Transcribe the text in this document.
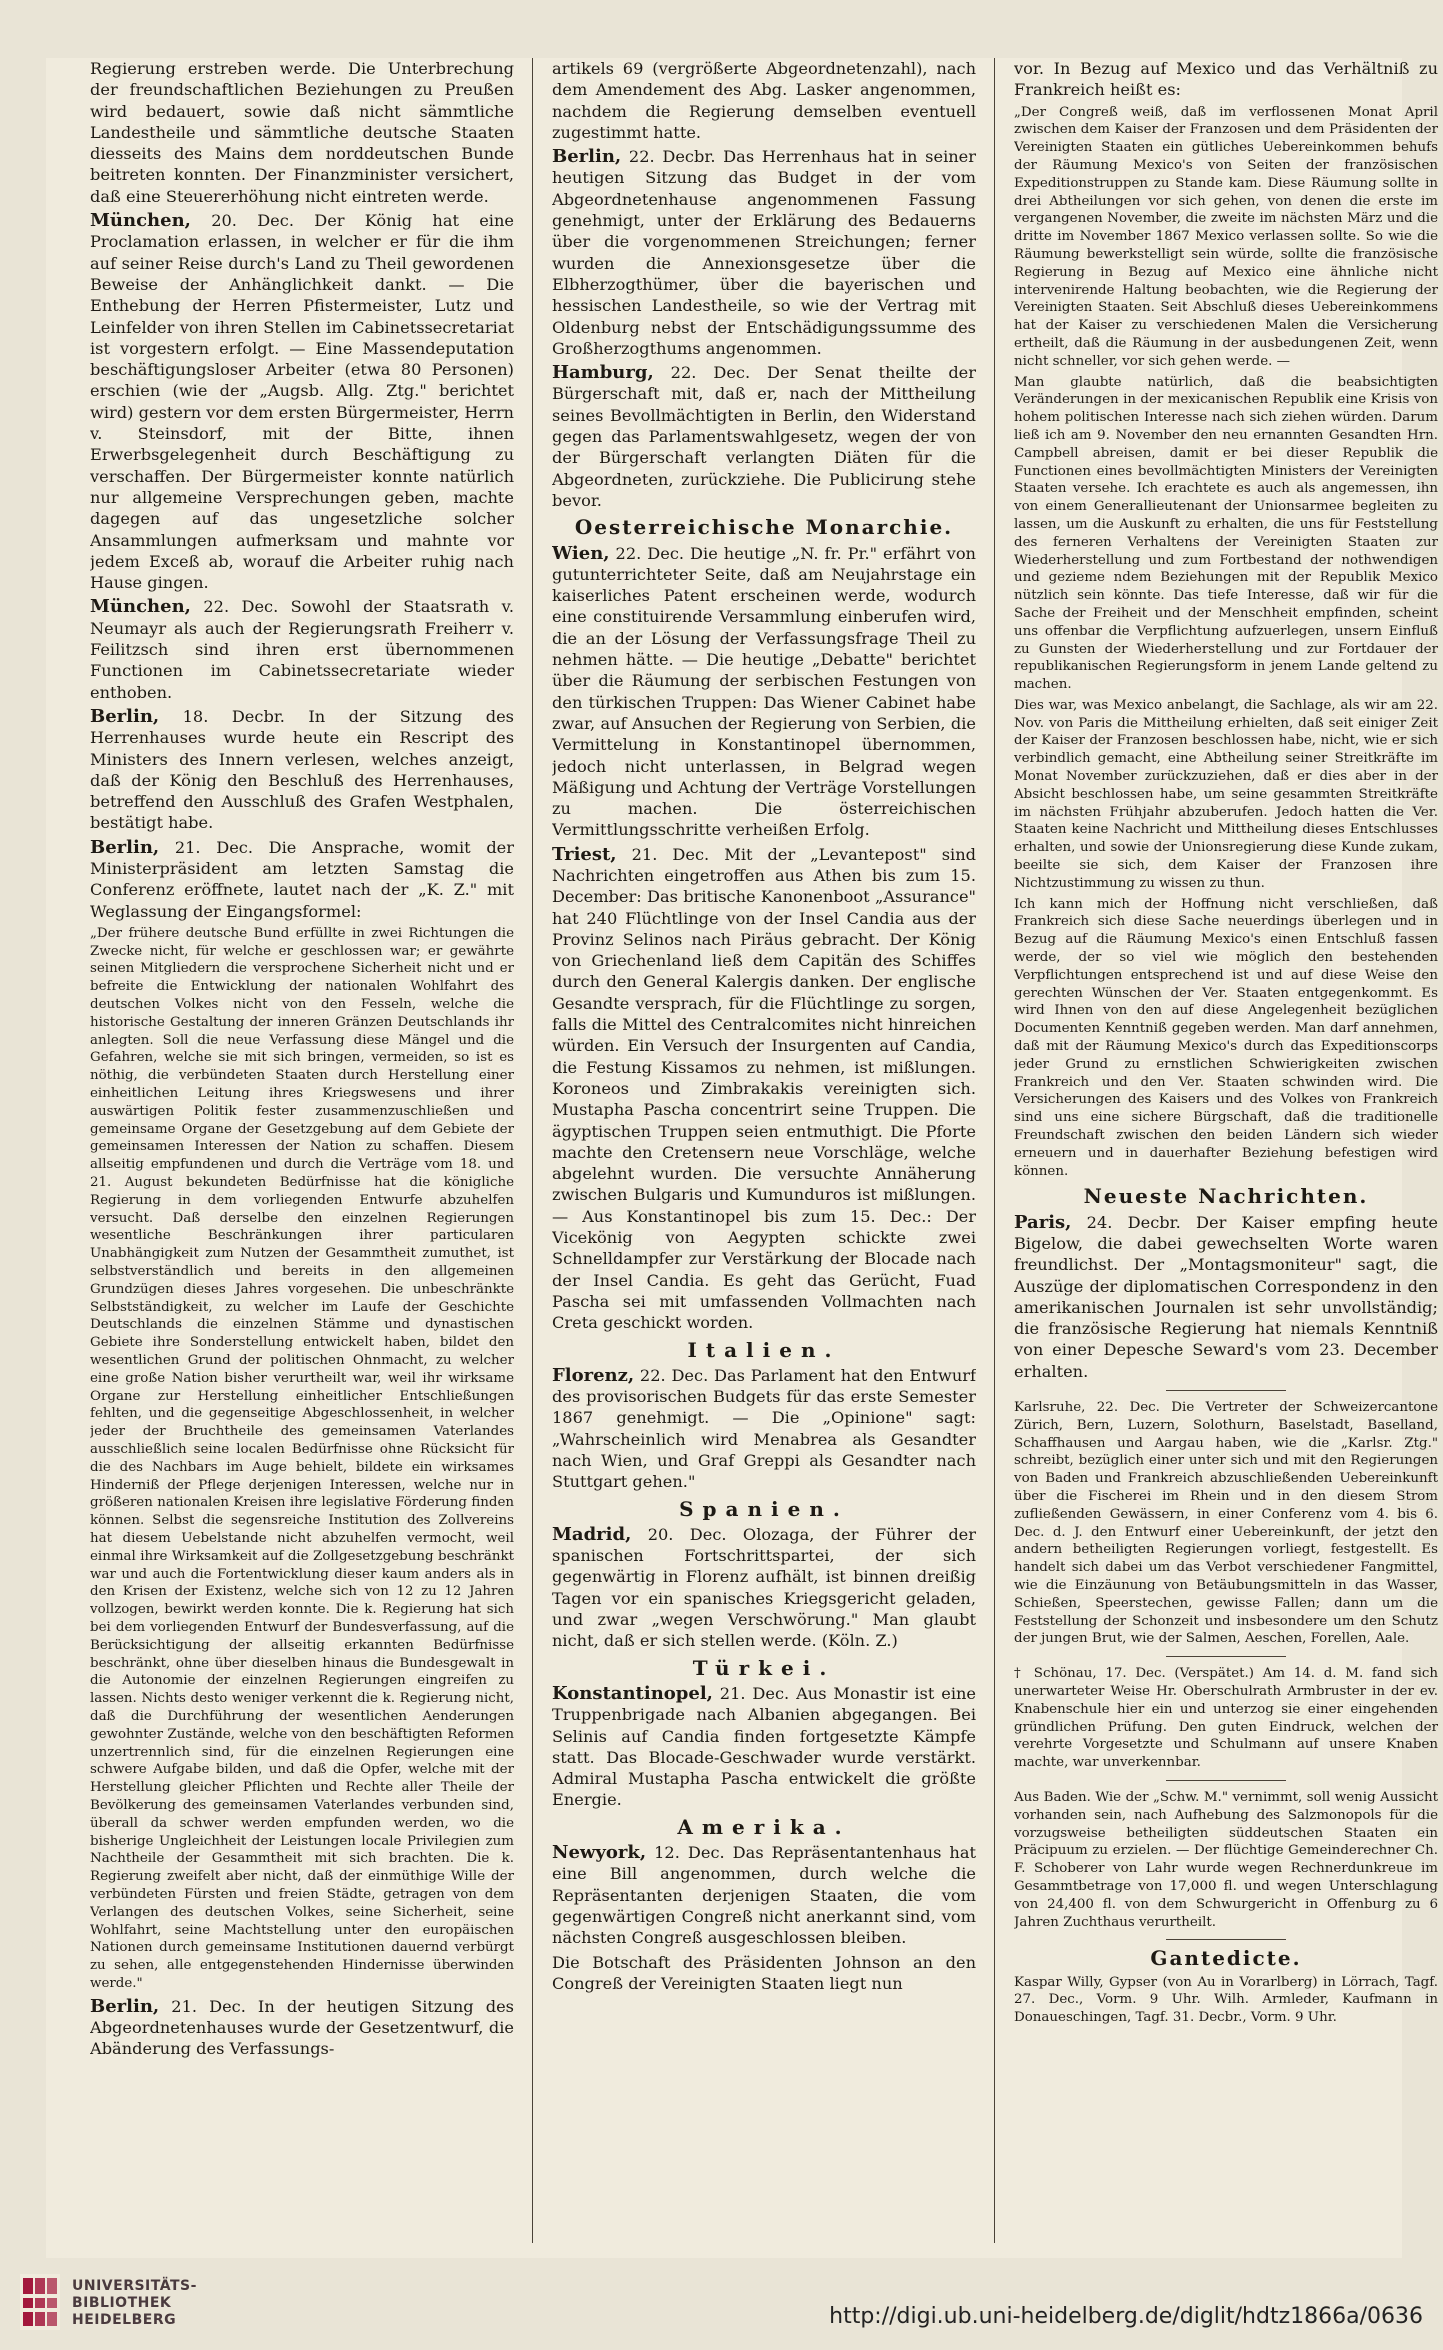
Regierung erstreben werde. Die Unterbrechung der freundschaftlichen Beziehungen zu Preußen wird bedauert, sowie daß nicht sämmtliche Landestheile und sämmtliche deutsche Staaten diesseits des Mains dem norddeutschen Bunde beitreten konnten. Der Finanzminister versichert, daß eine Steuererhöhung nicht eintreten werde.

München, 20. Dec. Der König hat eine Proclamation erlassen, in welcher er für die ihm auf seiner Reise durch's Land zu Theil gewordenen Beweise der Anhänglichkeit dankt. — Die Enthebung der Herren Pfistermeister, Lutz und Leinfelder von ihren Stellen im Cabinetssecretariat ist vorgestern erfolgt. — Eine Massendeputation beschäftigungsloser Arbeiter (etwa 80 Personen) erschien (wie der „Augsb. Allg. Ztg." berichtet wird) gestern vor dem ersten Bürgermeister, Herrn v. Steinsdorf, mit der Bitte, ihnen Erwerbsgelegenheit durch Beschäftigung zu verschaffen. Der Bürgermeister konnte natürlich nur allgemeine Versprechungen geben, machte dagegen auf das ungesetzliche solcher Ansammlungen aufmerksam und mahnte vor jedem Exceß ab, worauf die Arbeiter ruhig nach Hause gingen.

München, 22. Dec. Sowohl der Staatsrath v. Neumayr als auch der Regierungsrath Freiherr v. Feilitzsch sind ihren erst übernommenen Functionen im Cabinetssecretariate wieder enthoben.

Berlin, 18. Decbr. In der Sitzung des Herrenhauses wurde heute ein Rescript des Ministers des Innern verlesen, welches anzeigt, daß der König den Beschluß des Herrenhauses, betreffend den Ausschluß des Grafen Westphalen, bestätigt habe.

Berlin, 21. Dec. Die Ansprache, womit der Ministerpräsident am letzten Samstag die Conferenz eröffnete, lautet nach der „K. Z." mit Weglassung der Eingangsformel:

„Der frühere deutsche Bund erfüllte in zwei Richtungen die Zwecke nicht, für welche er geschlossen war; er gewährte seinen Mitgliedern die versprochene Sicherheit nicht und er befreite die Entwicklung der nationalen Wohlfahrt des deutschen Volkes nicht von den Fesseln, welche die historische Gestaltung der inneren Gränzen Deutschlands ihr anlegten. Soll die neue Verfassung diese Mängel und die Gefahren, welche sie mit sich bringen, vermeiden, so ist es nöthig, die verbündeten Staaten durch Herstellung einer einheitlichen Leitung ihres Kriegswesens und ihrer auswärtigen Politik fester zusammenzuschließen und gemeinsame Organe der Gesetzgebung auf dem Gebiete der gemeinsamen Interessen der Nation zu schaffen. Diesem allseitig empfundenen und durch die Verträge vom 18. und 21. August bekundeten Bedürfnisse hat die königliche Regierung in dem vorliegenden Entwurfe abzuhelfen versucht. Daß derselbe den einzelnen Regierungen wesentliche Beschränkungen ihrer particularen Unabhängigkeit zum Nutzen der Gesammtheit zumuthet, ist selbstverständlich und bereits in den allgemeinen Grundzügen dieses Jahres vorgesehen. Die unbeschränkte Selbstständigkeit, zu welcher im Laufe der Geschichte Deutschlands die einzelnen Stämme und dynastischen Gebiete ihre Sonderstellung entwickelt haben, bildet den wesentlichen Grund der politischen Ohnmacht, zu welcher eine große Nation bisher verurtheilt war, weil ihr wirksame Organe zur Herstellung einheitlicher Entschließungen fehlten, und die gegenseitige Abgeschlossenheit, in welcher jeder der Bruchtheile des gemeinsamen Vaterlandes ausschließlich seine localen Bedürfnisse ohne Rücksicht für die des Nachbars im Auge behielt, bildete ein wirksames Hinderniß der Pflege derjenigen Interessen, welche nur in größeren nationalen Kreisen ihre legislative Förderung finden können. Selbst die segensreiche Institution des Zollvereins hat diesem Uebelstande nicht abzuhelfen vermocht, weil einmal ihre Wirksamkeit auf die Zollgesetzgebung beschränkt war und auch die Fortentwicklung dieser kaum anders als in den Krisen der Existenz, welche sich von 12 zu 12 Jahren vollzogen, bewirkt werden konnte. Die k. Regierung hat sich bei dem vorliegenden Entwurf der Bundesverfassung, auf die Berücksichtigung der allseitig erkannten Bedürfnisse beschränkt, ohne über dieselben hinaus die Bundesgewalt in die Autonomie der einzelnen Regierungen eingreifen zu lassen. Nichts desto weniger verkennt die k. Regierung nicht, daß die Durchführung der wesentlichen Aenderungen gewohnter Zustände, welche von den beschäftigten Reformen unzertrennlich sind, für die einzelnen Regierungen eine schwere Aufgabe bilden, und daß die Opfer, welche mit der Herstellung gleicher Pflichten und Rechte aller Theile der Bevölkerung des gemeinsamen Vaterlandes verbunden sind, überall da schwer werden empfunden werden, wo die bisherige Ungleichheit der Leistungen locale Privilegien zum Nachtheile der Gesammtheit mit sich brachten. Die k. Regierung zweifelt aber nicht, daß der einmüthige Wille der verbündeten Fürsten und freien Städte, getragen von dem Verlangen des deutschen Volkes, seine Sicherheit, seine Wohlfahrt, seine Machtstellung unter den europäischen Nationen durch gemeinsame Institutionen dauernd verbürgt zu sehen, alle entgegenstehenden Hindernisse überwinden werde."

Berlin, 21. Dec. In der heutigen Sitzung des Abgeordnetenhauses wurde der Gesetzentwurf, die Abänderung des Verfassungs-

artikels 69 (vergrößerte Abgeordnetenzahl), nach dem Amendement des Abg. Lasker angenommen, nachdem die Regierung demselben eventuell zugestimmt hatte.

Berlin, 22. Decbr. Das Herrenhaus hat in seiner heutigen Sitzung das Budget in der vom Abgeordnetenhause angenommenen Fassung genehmigt, unter der Erklärung des Bedauerns über die vorgenommenen Streichungen; ferner wurden die Annexionsgesetze über die Elbherzogthümer, über die bayerischen und hessischen Landestheile, so wie der Vertrag mit Oldenburg nebst der Entschädigungssumme des Großherzogthums angenommen.

Hamburg, 22. Dec. Der Senat theilte der Bürgerschaft mit, daß er, nach der Mittheilung seines Bevollmächtigten in Berlin, den Widerstand gegen das Parlamentswahlgesetz, wegen der von der Bürgerschaft verlangten Diäten für die Abgeordneten, zurückziehe. Die Publicirung stehe bevor.

Oesterreichische Monarchie.

Wien, 22. Dec. Die heutige „N. fr. Pr." erfährt von gutunterrichteter Seite, daß am Neujahrstage ein kaiserliches Patent erscheinen werde, wodurch eine constituirende Versammlung einberufen wird, die an der Lösung der Verfassungsfrage Theil zu nehmen hätte. — Die heutige „Debatte" berichtet über die Räumung der serbischen Festungen von den türkischen Truppen: Das Wiener Cabinet habe zwar, auf Ansuchen der Regierung von Serbien, die Vermittelung in Konstantinopel übernommen, jedoch nicht unterlassen, in Belgrad wegen Mäßigung und Achtung der Verträge Vorstellungen zu machen. Die österreichischen Vermittlungsschritte verheißen Erfolg.

Triest, 21. Dec. Mit der „Levantepost" sind Nachrichten eingetroffen aus Athen bis zum 15. December: Das britische Kanonenboot „Assurance" hat 240 Flüchtlinge von der Insel Candia aus der Provinz Selinos nach Piräus gebracht. Der König von Griechenland ließ dem Capitän des Schiffes durch den General Kalergis danken. Der englische Gesandte versprach, für die Flüchtlinge zu sorgen, falls die Mittel des Centralcomites nicht hinreichen würden. Ein Versuch der Insurgenten auf Candia, die Festung Kissamos zu nehmen, ist mißlungen. Koroneos und Zimbrakakis vereinigten sich. Mustapha Pascha concentrirt seine Truppen. Die ägyptischen Truppen seien entmuthigt. Die Pforte machte den Cretensern neue Vorschläge, welche abgelehnt wurden. Die versuchte Annäherung zwischen Bulgaris und Kumunduros ist mißlungen. — Aus Konstantinopel bis zum 15. Dec.: Der Vicekönig von Aegypten schickte zwei Schnelldampfer zur Verstärkung der Blocade nach der Insel Candia. Es geht das Gerücht, Fuad Pascha sei mit umfassenden Vollmachten nach Creta geschickt worden.

Italien.

Florenz, 22. Dec. Das Parlament hat den Entwurf des provisorischen Budgets für das erste Semester 1867 genehmigt. — Die „Opinione" sagt: „Wahrscheinlich wird Menabrea als Gesandter nach Wien, und Graf Greppi als Gesandter nach Stuttgart gehen."

Spanien.

Madrid, 20. Dec. Olozaga, der Führer der spanischen Fortschrittspartei, der sich gegenwärtig in Florenz aufhält, ist binnen dreißig Tagen vor ein spanisches Kriegsgericht geladen, und zwar „wegen Verschwörung." Man glaubt nicht, daß er sich stellen werde. (Köln. Z.)

Türkei.

Konstantinopel, 21. Dec. Aus Monastir ist eine Truppenbrigade nach Albanien abgegangen. Bei Selinis auf Candia finden fortgesetzte Kämpfe statt. Das Blocade-Geschwader wurde verstärkt. Admiral Mustapha Pascha entwickelt die größte Energie.

Amerika.

Newyork, 12. Dec. Das Repräsentantenhaus hat eine Bill angenommen, durch welche die Repräsentanten derjenigen Staaten, die vom gegenwärtigen Congreß nicht anerkannt sind, vom nächsten Congreß ausgeschlossen bleiben.

Die Botschaft des Präsidenten Johnson an den Congreß der Vereinigten Staaten liegt nun

vor. In Bezug auf Mexico und das Verhältniß zu Frankreich heißt es:

„Der Congreß weiß, daß im verflossenen Monat April zwischen dem Kaiser der Franzosen und dem Präsidenten der Vereinigten Staaten ein gütliches Uebereinkommen behufs der Räumung Mexico's von Seiten der französischen Expeditionstruppen zu Stande kam. Diese Räumung sollte in drei Abtheilungen vor sich gehen, von denen die erste im vergangenen November, die zweite im nächsten März und die dritte im November 1867 Mexico verlassen sollte. So wie die Räumung bewerkstelligt sein würde, sollte die französische Regierung in Bezug auf Mexico eine ähnliche nicht intervenirende Haltung beobachten, wie die Regierung der Vereinigten Staaten. Seit Abschluß dieses Uebereinkommens hat der Kaiser zu verschiedenen Malen die Versicherung ertheilt, daß die Räumung in der ausbedungenen Zeit, wenn nicht schneller, vor sich gehen werde. —

Man glaubte natürlich, daß die beabsichtigten Veränderungen in der mexicanischen Republik eine Krisis von hohem politischen Interesse nach sich ziehen würden. Darum ließ ich am 9. November den neu ernannten Gesandten Hrn. Campbell abreisen, damit er bei dieser Republik die Functionen eines bevollmächtigten Ministers der Vereinigten Staaten versehe. Ich erachtete es auch als angemessen, ihn von einem Generallieutenant der Unionsarmee begleiten zu lassen, um die Auskunft zu erhalten, die uns für Feststellung des ferneren Verhaltens der Vereinigten Staaten zur Wiederherstellung und zum Fortbestand der nothwendigen und gezieme ndem Beziehungen mit der Republik Mexico nützlich sein könnte. Das tiefe Interesse, daß wir für die Sache der Freiheit und der Menschheit empfinden, scheint uns offenbar die Verpflichtung aufzuerlegen, unsern Einfluß zu Gunsten der Wiederherstellung und zur Fortdauer der republikanischen Regierungsform in jenem Lande geltend zu machen.

Dies war, was Mexico anbelangt, die Sachlage, als wir am 22. Nov. von Paris die Mittheilung erhielten, daß seit einiger Zeit der Kaiser der Franzosen beschlossen habe, nicht, wie er sich verbindlich gemacht, eine Abtheilung seiner Streitkräfte im Monat November zurückzuziehen, daß er dies aber in der Absicht beschlossen habe, um seine gesammten Streitkräfte im nächsten Frühjahr abzuberufen. Jedoch hatten die Ver. Staaten keine Nachricht und Mittheilung dieses Entschlusses erhalten, und sowie der Unionsregierung diese Kunde zukam, beeilte sie sich, dem Kaiser der Franzosen ihre Nichtzustimmung zu wissen zu thun.

Ich kann mich der Hoffnung nicht verschließen, daß Frankreich sich diese Sache neuerdings überlegen und in Bezug auf die Räumung Mexico's einen Entschluß fassen werde, der so viel wie möglich den bestehenden Verpflichtungen entsprechend ist und auf diese Weise den gerechten Wünschen der Ver. Staaten entgegenkommt. Es wird Ihnen von den auf diese Angelegenheit bezüglichen Documenten Kenntniß gegeben werden. Man darf annehmen, daß mit der Räumung Mexico's durch das Expeditionscorps jeder Grund zu ernstlichen Schwierigkeiten zwischen Frankreich und den Ver. Staaten schwinden wird. Die Versicherungen des Kaisers und des Volkes von Frankreich sind uns eine sichere Bürgschaft, daß die traditionelle Freundschaft zwischen den beiden Ländern sich wieder erneuern und in dauerhafter Beziehung befestigen wird können.

Neueste Nachrichten.

Paris, 24. Decbr. Der Kaiser empfing heute Bigelow, die dabei gewechselten Worte waren freundlichst. Der „Montagsmoniteur" sagt, die Auszüge der diplomatischen Correspondenz in den amerikanischen Journalen ist sehr unvollständig; die französische Regierung hat niemals Kenntniß von einer Depesche Seward's vom 23. December erhalten.

Karlsruhe, 22. Dec. Die Vertreter der Schweizercantone Zürich, Bern, Luzern, Solothurn, Baselstadt, Baselland, Schaffhausen und Aargau haben, wie die „Karlsr. Ztg." schreibt, bezüglich einer unter sich und mit den Regierungen von Baden und Frankreich abzuschließenden Uebereinkunft über die Fischerei im Rhein und in den diesem Strom zufließenden Gewässern, in einer Conferenz vom 4. bis 6. Dec. d. J. den Entwurf einer Uebereinkunft, der jetzt den andern betheiligten Regierungen vorliegt, festgestellt. Es handelt sich dabei um das Verbot verschiedener Fangmittel, wie die Einzäunung von Betäubungsmitteln in das Wasser, Schießen, Speerstechen, gewisse Fallen; dann um die Feststellung der Schonzeit und insbesondere um den Schutz der jungen Brut, wie der Salmen, Aeschen, Forellen, Aale.

† Schönau, 17. Dec. (Verspätet.) Am 14. d. M. fand sich unerwarteter Weise Hr. Oberschulrath Armbruster in der ev. Knabenschule hier ein und unterzog sie einer eingehenden gründlichen Prüfung. Den guten Eindruck, welchen der verehrte Vorgesetzte und Schulmann auf unsere Knaben machte, war unverkennbar.

Aus Baden. Wie der „Schw. M." vernimmt, soll wenig Aussicht vorhanden sein, nach Aufhebung des Salzmonopols für die vorzugsweise betheiligten süddeutschen Staaten ein Präcipuum zu erzielen. — Der flüchtige Gemeinderechner Ch. F. Schoberer von Lahr wurde wegen Rechnerdunkreue im Gesammtbetrage von 17,000 fl. und wegen Unterschlagung von 24,400 fl. von dem Schwurgericht in Offenburg zu 6 Jahren Zuchthaus verurtheilt.

Gantedicte.

Kaspar Willy, Gypser (von Au in Vorarlberg) in Lörrach, Tagf. 27. Dec., Vorm. 9 Uhr. Wilh. Armleder, Kaufmann in Donaueschingen, Tagf. 31. Decbr., Vorm. 9 Uhr.

UNIVERSITÄTS-
BIBLIOTHEK
HEIDELBERG	http://digi.ub.uni-heidelberg.de/diglit/hdtz1866a/0636
